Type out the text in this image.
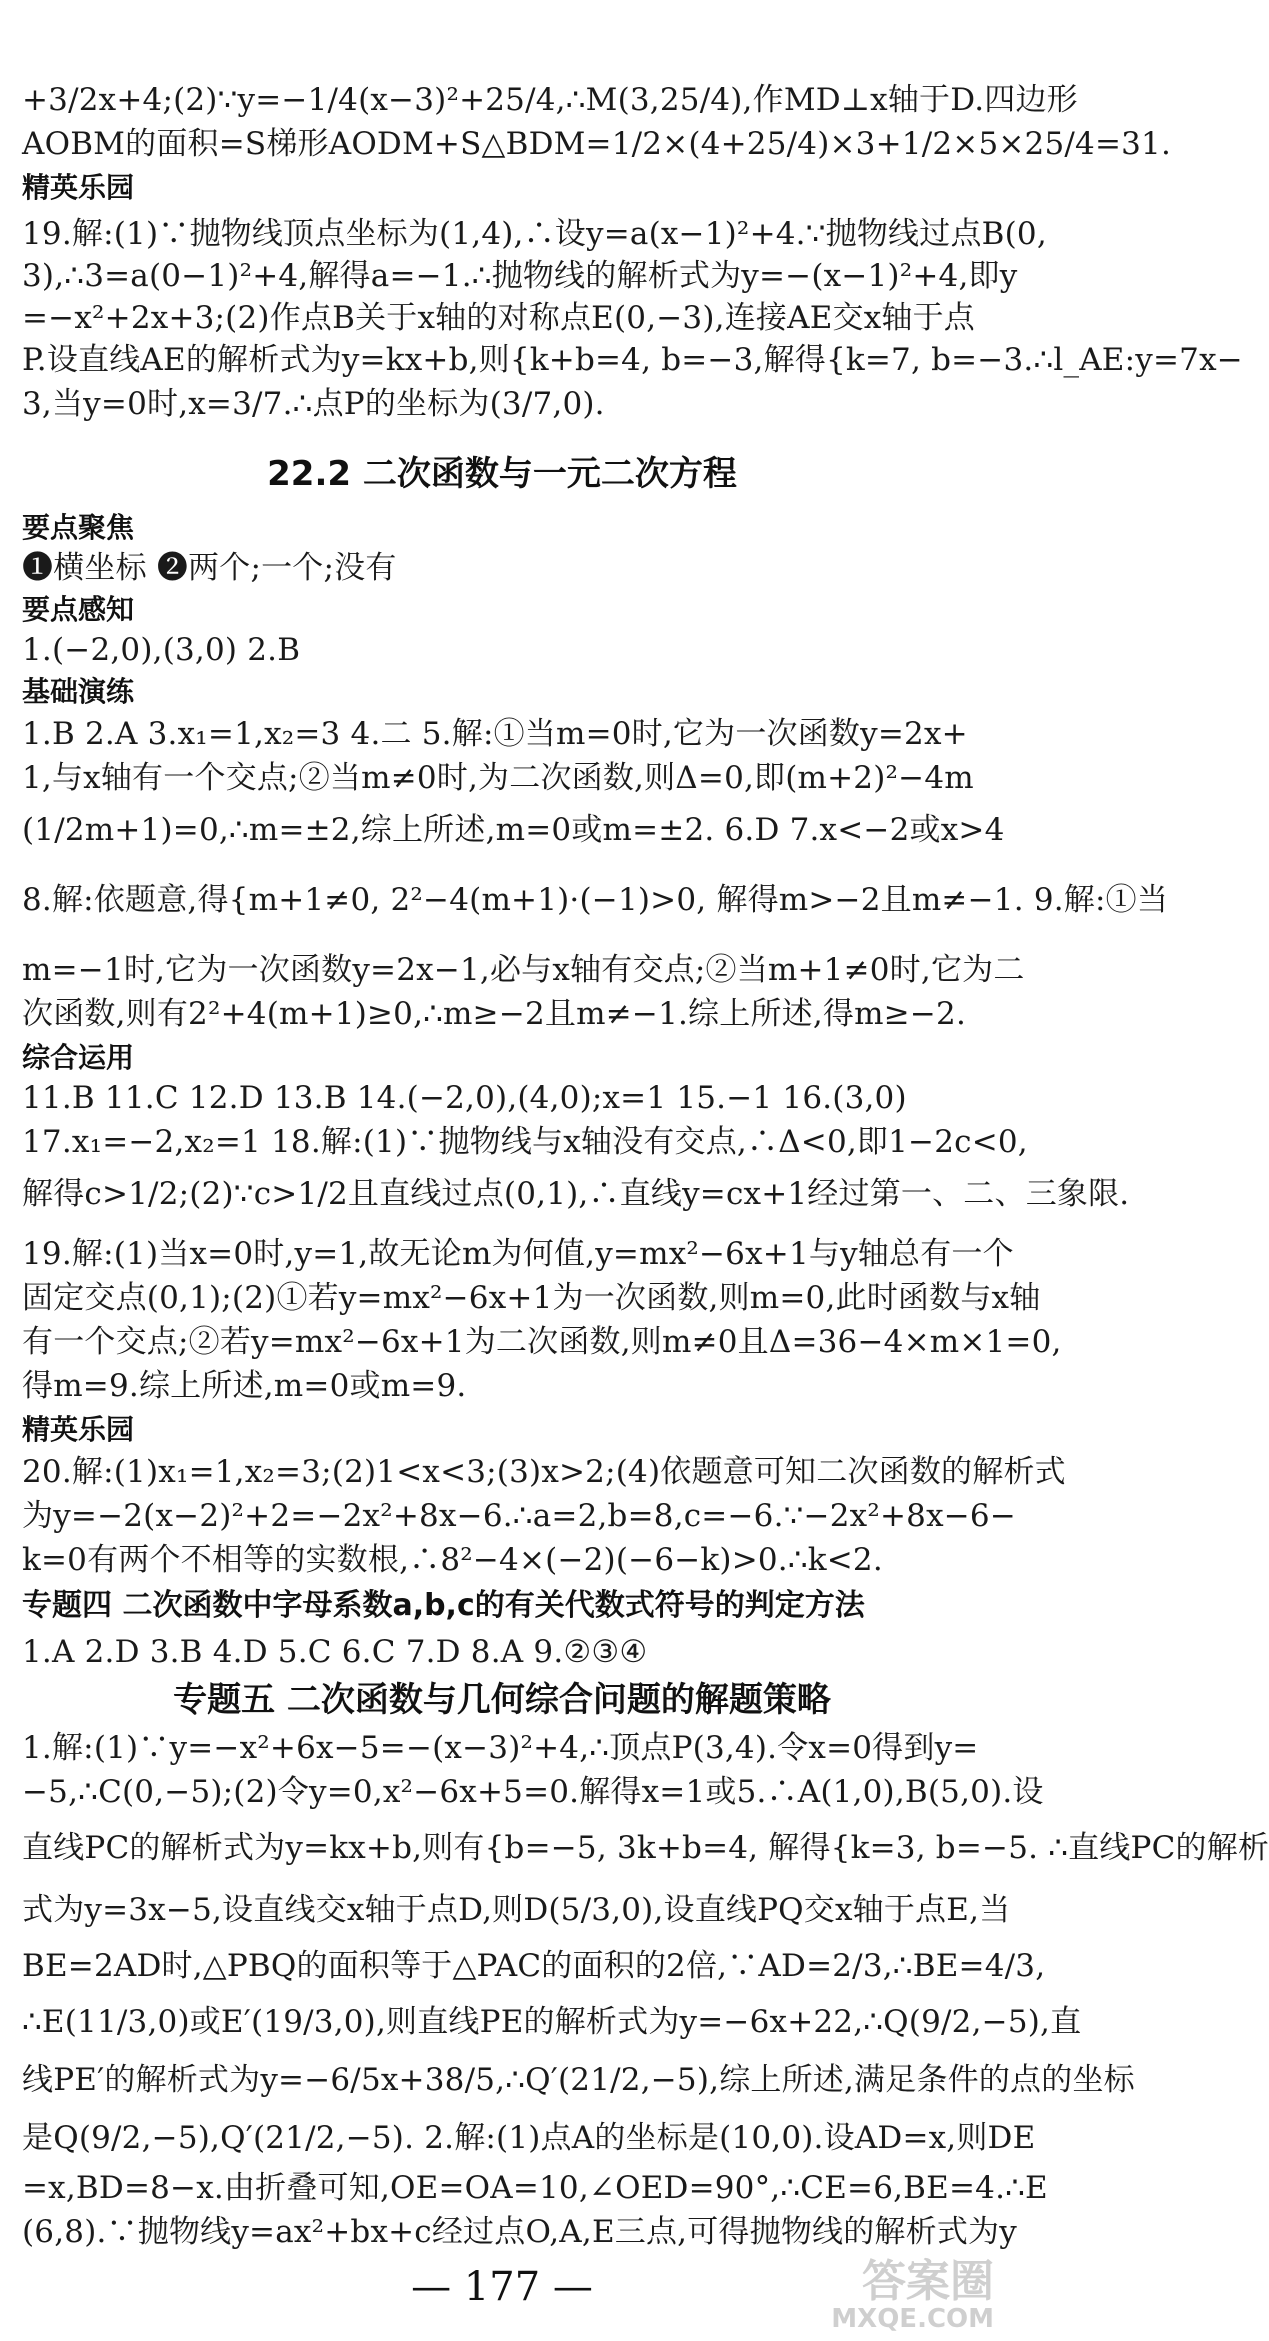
+3/2x+4;(2)∵y=−1/4(x−3)²+25/4,∴M(3,25/4),作MD⊥x轴于D.四边形
AOBM的面积=S梯形AODM+S△BDM=1/2×(4+25/4)×3+1/2×5×25/4=31.
精英乐园
19.解:(1)∵抛物线顶点坐标为(1,4),∴设y=a(x−1)²+4.∵抛物线过点B(0,
3),∴3=a(0−1)²+4,解得a=−1.∴抛物线的解析式为y=−(x−1)²+4,即y
=−x²+2x+3;(2)作点B关于x轴的对称点E(0,−3),连接AE交x轴于点
P.设直线AE的解析式为y=kx+b,则{k+b=4, b=−3,解得{k=7, b=−3.∴l_AE:y=7x−
3,当y=0时,x=3/7.∴点P的坐标为(3/7,0).
22.2 二次函数与一元二次方程
要点聚焦
❶横坐标 ❷两个;一个;没有
要点感知
1.(−2,0),(3,0) 2.B
基础演练
1.B 2.A 3.x₁=1,x₂=3 4.二 5.解:①当m=0时,它为一次函数y=2x+
1,与x轴有一个交点;②当m≠0时,为二次函数,则Δ=0,即(m+2)²−4m
(1/2m+1)=0,∴m=±2,综上所述,m=0或m=±2. 6.D 7.x<−2或x>4
8.解:依题意,得{m+1≠0, 2²−4(m+1)·(−1)>0, 解得m>−2且m≠−1. 9.解:①当
m=−1时,它为一次函数y=2x−1,必与x轴有交点;②当m+1≠0时,它为二
次函数,则有2²+4(m+1)≥0,∴m≥−2且m≠−1.综上所述,得m≥−2.
综合运用
11.B 11.C 12.D 13.B 14.(−2,0),(4,0);x=1 15.−1 16.(3,0)
17.x₁=−2,x₂=1 18.解:(1)∵抛物线与x轴没有交点,∴Δ<0,即1−2c<0,
解得c>1/2;(2)∵c>1/2且直线过点(0,1),∴直线y=cx+1经过第一、二、三象限.
19.解:(1)当x=0时,y=1,故无论m为何值,y=mx²−6x+1与y轴总有一个
固定交点(0,1);(2)①若y=mx²−6x+1为一次函数,则m=0,此时函数与x轴
有一个交点;②若y=mx²−6x+1为二次函数,则m≠0且Δ=36−4×m×1=0,
得m=9.综上所述,m=0或m=9.
精英乐园
20.解:(1)x₁=1,x₂=3;(2)1<x<3;(3)x>2;(4)依题意可知二次函数的解析式
为y=−2(x−2)²+2=−2x²+8x−6.∴a=2,b=8,c=−6.∵−2x²+8x−6−
k=0有两个不相等的实数根,∴8²−4×(−2)(−6−k)>0.∴k<2.
专题四 二次函数中字母系数a,b,c的有关代数式符号的判定方法
1.A 2.D 3.B 4.D 5.C 6.C 7.D 8.A 9.②③④
专题五 二次函数与几何综合问题的解题策略
1.解:(1)∵y=−x²+6x−5=−(x−3)²+4,∴顶点P(3,4).令x=0得到y=
−5,∴C(0,−5);(2)令y=0,x²−6x+5=0.解得x=1或5.∴A(1,0),B(5,0).设
直线PC的解析式为y=kx+b,则有{b=−5, 3k+b=4, 解得{k=3, b=−5. ∴直线PC的解析
式为y=3x−5,设直线交x轴于点D,则D(5/3,0),设直线PQ交x轴于点E,当
BE=2AD时,△PBQ的面积等于△PAC的面积的2倍,∵AD=2/3,∴BE=4/3,
∴E(11/3,0)或E′(19/3,0),则直线PE的解析式为y=−6x+22,∴Q(9/2,−5),直
线PE′的解析式为y=−6/5x+38/5,∴Q′(21/2,−5),综上所述,满足条件的点的坐标
是Q(9/2,−5),Q′(21/2,−5). 2.解:(1)点A的坐标是(10,0).设AD=x,则DE
=x,BD=8−x.由折叠可知,OE=OA=10,∠OED=90°,∴CE=6,BE=4.∴E
(6,8).∵抛物线y=ax²+bx+c经过点O,A,E三点,可得抛物线的解析式为y
— 177 —	答案圈
MXQE.COM
